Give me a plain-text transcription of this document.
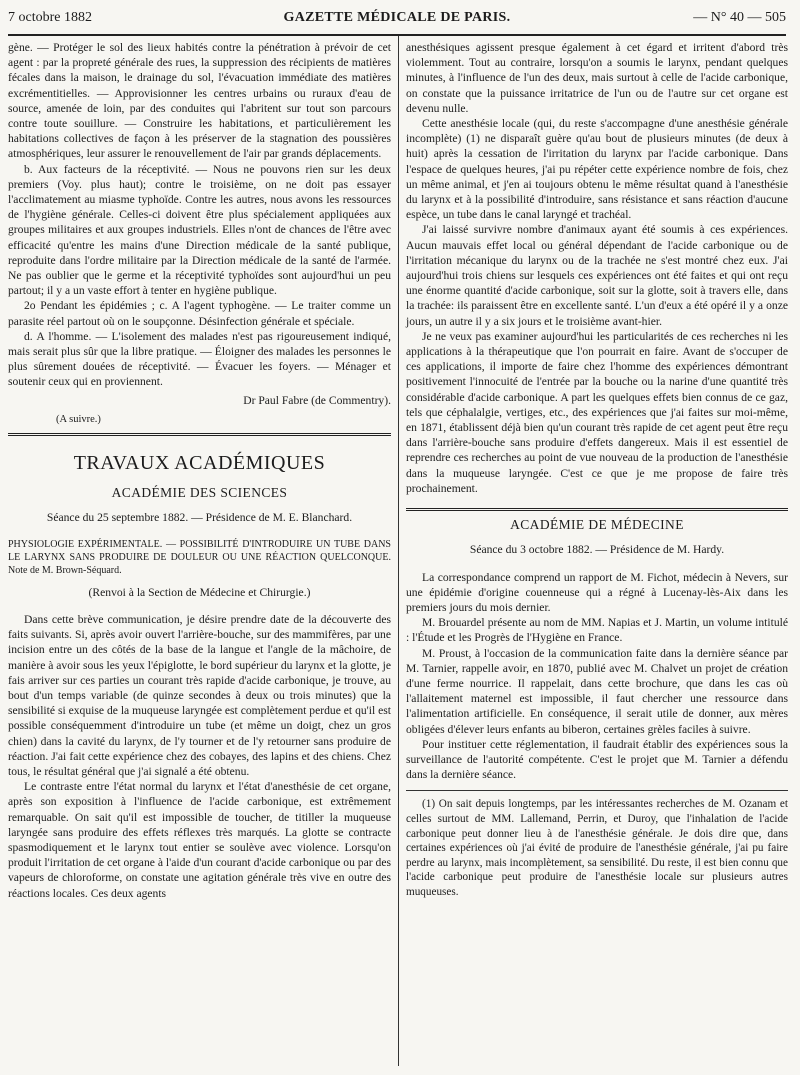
7 octobre 1882	GAZETTE MÉDICALE DE PARIS.	— N° 40 — 505

gène. — Protéger le sol des lieux habités contre la pénétration à prévoir de cet agent : par la propreté générale des rues, la suppression des récipients de matières fécales dans la maison, le drainage du sol, l'évacuation immédiate des matières excrémentitielles. — Approvisionner les centres urbains ou ruraux d'eau de source, amenée de loin, par des conduites qui l'abritent sur tout son parcours contre toute souillure. — Construire les habitations, et particulièrement les habitations collectives de façon à les préserver de la stagnation des poussières atmosphériques, leur assurer le renouvellement de l'air par grands déplacements.

b. Aux facteurs de la réceptivité. — Nous ne pouvons rien sur les deux premiers (Voy. plus haut); contre le troisième, on ne doit pas essayer l'acclimatement au miasme typhoïde. Contre les autres, nous avons les ressources de l'hygiène générale. Celles-ci doivent être plus spécialement appliquées aux groupes militaires et aux groupes industriels. Elles n'ont de chances de l'être avec efficacité qu'entre les mains d'une Direction médicale de la santé publique, reproduite dans l'ordre militaire par la Direction médicale de la santé de l'armée. Ne pas oublier que le germe et la réceptivité typhoïdes sont aujourd'hui un peu partout; il y a un vaste effort à tenter en hygiène publique.

2o Pendant les épidémies ; c. A l'agent typhogène. — Le traiter comme un parasite réel partout où on le soupçonne. Désinfection générale et spéciale.

d. A l'homme. — L'isolement des malades n'est pas rigoureusement indiqué, mais serait plus sûr que la libre pratique. — Éloigner des malades les personnes le plus sûrement douées de réceptivité. — Évacuer les foyers. — Ménager et soutenir ceux qui en proviennent.

Dr Paul Fabre (de Commentry).
(A suivre.)
TRAVAUX ACADÉMIQUES
ACADÉMIE DES SCIENCES
Séance du 25 septembre 1882. — Présidence de M. E. Blanchard.

PHYSIOLOGIE EXPÉRIMENTALE. — POSSIBILITÉ D'INTRODUIRE UN TUBE DANS LE LARYNX SANS PRODUIRE DE DOULEUR OU UNE RÉACTION QUELCONQUE. Note de M. Brown-Séquard.

(Renvoi à la Section de Médecine et Chirurgie.)

Dans cette brève communication, je désire prendre date de la découverte des faits suivants. Si, après avoir ouvert l'arrière-bouche, sur des mammifères, par une incision entre un des côtés de la base de la langue et l'angle de la mâchoire, de manière à avoir sous les yeux l'épiglotte, le bord supérieur du larynx et la glotte, je fais arriver sur ces parties un courant très rapide d'acide carbonique, je trouve, au bout d'un temps variable (de quinze secondes à deux ou trois minutes) que la sensibilité si exquise de la muqueuse laryngée est complètement perdue et qu'il est possible conséquemment d'introduire un tube (et même un doigt, chez un gros chien) dans la cavité du larynx, de l'y tourner et de l'y retourner sans produire de réaction. J'ai fait cette expérience chez des cobayes, des lapins et des chiens. Chez tous, le résultat général que j'ai signalé a été obtenu.

Le contraste entre l'état normal du larynx et l'état d'anesthésie de cet organe, après son exposition à l'influence de l'acide carbonique, est extrêmement remarquable. On sait qu'il est impossible de toucher, de titiller la muqueuse laryngée sans produire des effets réflexes très marqués. La glotte se contracte spasmodiquement et le larynx tout entier se soulève avec violence. Lorsqu'on produit l'irritation de cet organe à l'aide d'un courant d'acide carbonique ou par des vapeurs de chloroforme, on constate une agitation générale très vive en outre des réactions locales. Ces deux agents

anesthésiques agissent presque également à cet égard et irritent d'abord très violemment. Tout au contraire, lorsqu'on a soumis le larynx, pendant quelques minutes, à l'influence de l'un des deux, mais surtout à celle de l'acide carbonique, on constate que la puissance irritatrice de l'un ou de l'autre sur cet organe est devenu nulle.

Cette anesthésie locale (qui, du reste s'accompagne d'une anesthésie générale incomplète) (1) ne disparaît guère qu'au bout de plusieurs minutes (de deux à huit) après la cessation de l'irritation du larynx par l'acide carbonique. Dans l'espace de quelques heures, j'ai pu répéter cette expérience nombre de fois, chez un même animal, et j'en ai toujours obtenu le même résultat quand à l'anesthésie du larynx et à la possibilité d'introduire, sans résistance et sans réaction d'aucune espèce, un tube dans le canal laryngé et trachéal.

J'ai laissé survivre nombre d'animaux ayant été soumis à ces expériences. Aucun mauvais effet local ou général dépendant de l'acide carbonique ou de l'irritation mécanique du larynx ou de la trachée ne s'est montré chez eux. J'ai aujourd'hui trois chiens sur lesquels ces expériences ont été faites et qui ont reçu une énorme quantité d'acide carbonique, soit sur la glotte, soit à travers elle, dans la trachée: ils paraissent être en excellente santé. L'un d'eux a été opéré il y a onze jours, un autre il y a six jours et le troisième avant-hier.

Je ne veux pas examiner aujourd'hui les particularités de ces recherches ni les applications à la thérapeutique que l'on pourrait en faire. Avant de s'occuper de ces applications, il importe de faire chez l'homme des expériences démontrant positivement l'innocuité de l'entrée par la bouche ou la narine d'une quantité très considérable d'acide carbonique. A part les quelques effets bien connus de ce gaz, tels que céphalalgie, vertiges, etc., des expériences que j'ai faites sur moi-même, en 1871, établissent déjà bien qu'un courant très rapide de cet agent peut être reçu dans l'arrière-bouche sans produire d'effets dangereux. Mais il est essentiel de reprendre ces recherches au point de vue nouveau de la production de l'anesthésie dans la muqueuse laryngée. C'est ce que je me propose de faire très prochainement.

ACADÉMIE DE MÉDECINE
Séance du 3 octobre 1882. — Présidence de M. Hardy.

La correspondance comprend un rapport de M. Fichot, médecin à Nevers, sur une épidémie d'origine couenneuse qui a régné à Lucenay-lès-Aix dans les premiers jours du mois dernier.

M. Brouardel présente au nom de MM. Napias et J. Martin, un volume intitulé : l'Étude et les Progrès de l'Hygiène en France.

M. Proust, à l'occasion de la communication faite dans la dernière séance par M. Tarnier, rappelle avoir, en 1870, publié avec M. Chalvet un projet de création d'une ferme nourrice. Il rappelait, dans cette brochure, que dans les cas où l'allaitement maternel est impossible, il faut chercher une ressource dans l'alimentation artificielle. En conséquence, il serait utile de donner, aux mères obligées d'élever leurs enfants au biberon, certaines grèles faciles à suivre.

Pour instituer cette réglementation, il faudrait établir des expériences sous la surveillance de l'autorité compétente. C'est le projet que M. Tarnier a défendu dans la dernière séance.

(1) On sait depuis longtemps, par les intéressantes recherches de M. Ozanam et celles surtout de MM. Lallemand, Perrin, et Duroy, que l'inhalation de l'acide carbonique peut donner lieu à de l'anesthésie générale. Je dois dire que, dans certaines expériences où j'ai évité de produire de l'anesthésie générale, j'ai pu faire perdre au larynx, mais incomplètement, sa sensibilité. Du reste, il est bien connu que l'acide carbonique peut produire de l'anesthésie locale sur plusieurs autres muqueuses.
